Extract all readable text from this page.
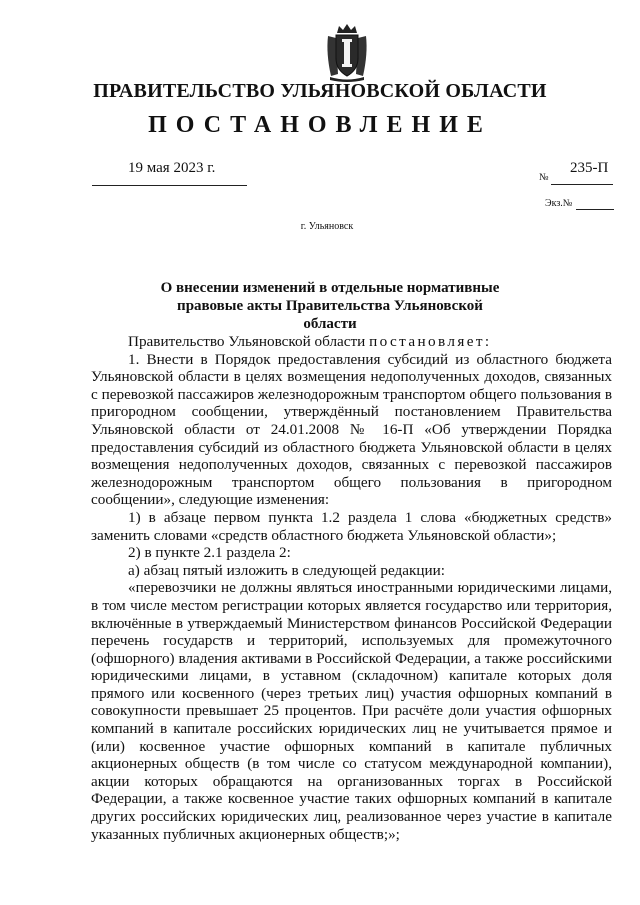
ПРАВИТЕЛЬСТВО УЛЬЯНОВСКОЙ ОБЛАСТИ
ПОСТАНОВЛЕНИЕ
19 мая 2023 г.	235-П
№
Экз.№
г. Ульяновск
О внесении изменений в отдельные нормативные
правовые акты Правительства Ульяновской области

Правительство Ульяновской области постановляет:

1. Внести в Порядок предоставления субсидий из областного бюджета Ульяновской области в целях возмещения недополученных доходов, связанных с перевозкой пассажиров железнодорожным транспортом общего пользования в пригородном сообщении, утверждённый постановлением Правительства Ульяновской области от 24.01.2008 № 16-П «Об утверждении Порядка предоставления субсидий из областного бюджета Ульяновской области в целях возмещения недополученных доходов, связанных с перевозкой пассажиров железнодорожным транспортом общего пользования в пригородном сообщении», следующие изменения:

1) в абзаце первом пункта 1.2 раздела 1 слова «бюджетных средств» заменить словами «средств областного бюджета Ульяновской области»;

2) в пункте 2.1 раздела 2:

а) абзац пятый изложить в следующей редакции:

«перевозчики не должны являться иностранными юридическими лицами, в том числе местом регистрации которых является государство или территория, включённые в утверждаемый Министерством финансов Российской Федерации перечень государств и территорий, используемых для промежуточного (офшорного) владения активами в Российской Федерации, а также российскими юридическими лицами, в уставном (складочном) капитале которых доля прямого или косвенного (через третьих лиц) участия офшорных компаний в совокупности превышает 25 процентов. При расчёте доли участия офшорных компаний в капитале российских юридических лиц не учитывается прямое и (или) косвенное участие офшорных компаний в капитале публичных акционерных обществ (в том числе со статусом международной компании), акции которых обращаются на организованных торгах в Российской Федерации, а также косвенное участие таких офшорных компаний в капитале других российских юридических лиц, реализованное через участие в капитале указанных публичных акционерных обществ;»;
